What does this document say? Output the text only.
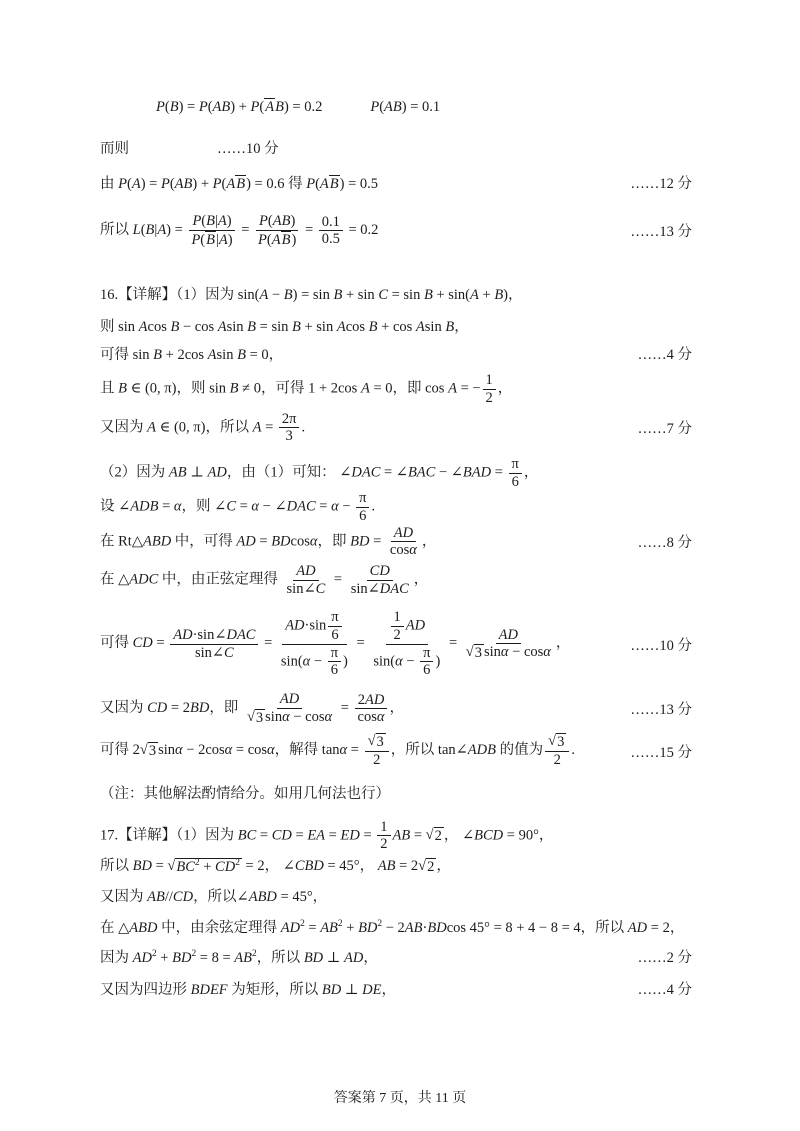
P(B) = P(AB) + P(AB) = 0.2	P(AB) = 0.1
而则	……10 分
由 P(A) = P(AB) + P(AB) = 0.6 得 P(AB) = 0.5	……12 分
所以 $L(B|A) = \frac{P(B|A)}{P(B|A)} = \frac{P(AB)}{P(AB)} = \frac{0.1}{0.5} = 0.2$	……13 分
16.【详解】（1）因为 sin(A − B) = sin B + sin C = sin B + sin(A + B)，
则 sin Acos B − cos Asin B = sin B + sin Acos B + cos Asin B，
可得 sin B + 2cos Asin B = 0，	……4 分
且 B ∈ (0, π)，则 sin B ≠ 0，可得 1 + 2cos A = 0，即 cos A = − $\frac{1}{2}$ ，
又因为 A ∈ (0, π)，所以 $A = \frac{2\pi}{3}$ .	……7 分
（2）因为 AB ⊥ AD，由（1）可知： ∠DAC = ∠BAC − ∠BAD = $\frac{\pi}{6}$ ，
设 ∠ADB = α，则 ∠C = α − ∠DAC = $\alpha - \frac{\pi}{6}$ .
在 Rt△ABD 中，可得 AD = BDcosα，即 BD = $\frac{AD}{\cos\alpha}$ ，	……8 分
在 △ADC 中，由正弦定理得 $\frac{AD}{\sin\angle C} = \frac{CD}{\text{sin∠DAC}}$ ，
可得 CD = $\frac{\text{AD·sin∠DAC}}{\sin\angle C} = \frac{AD\cdot\sin \frac{\pi}{6}}{\sin(\alpha - \frac{\pi}{6} )} = \frac{\frac{1}{2} AD}{\sin(\alpha - \frac{\pi}{6} )} = \frac{AD}{√ 3 \sin\alpha - \cos\alpha}$ ，	……10 分
又因为 CD = 2BD，即 $\frac{AD}{√ 3 \sin\alpha - \cos\alpha} = \frac{2AD}{\cos\alpha}$ ，	……13 分
可得 2 √ 3 sinα − 2cosα = cosα，解得 $\tan\alpha = \frac{√ 3}{2}$ ，所以 tan∠ADB 的值为 $\frac{√ 3}{2}$ .	……15 分
（注：其他解法酌情给分。如用几何法也行）
17.【详解】（1）因为 BC = CD = EA = ED = $\frac{1}{2}$ AB = √ 2 ， ∠BCD = 90°，
所以 BD = √ $BC^2 + CD^2 = 2$， ∠CBD = 45°， AB = 2 √ 2 ，
又因为 AB//CD，所以∠ABD = 45°，
在 △ABD 中，由余弦定理得 $AD^2 = AB^2 + BD^2 - 2AB\cdot BDcos$ 45° = 8 + 4 − 8 = 4，所以 AD = 2，
因为 $AD^2 + BD^2 = 8 = AB^2$，所以 BD ⊥ AD，	……2 分
又因为四边形 BDEF 为矩形，所以 BD ⊥ DE，	……4 分
答案第 7 页，共 11 页
